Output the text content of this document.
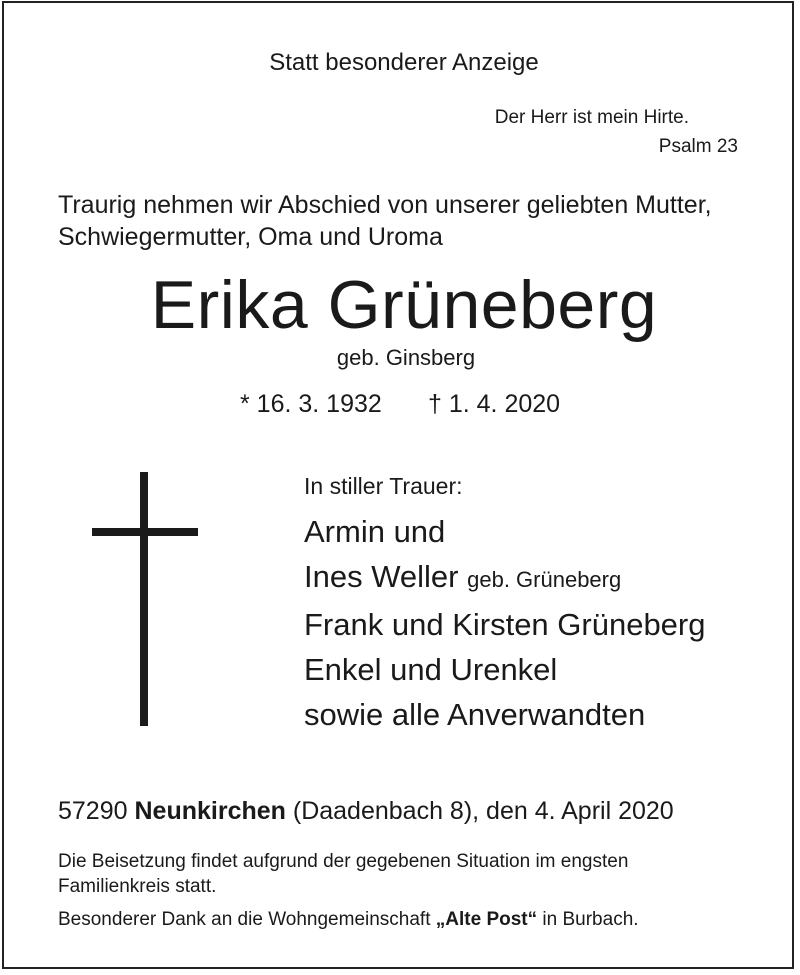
Statt besonderer Anzeige

Der Herr ist mein Hirte.

Psalm 23

Traurig nehmen wir Abschied von unserer geliebten Mutter,
Schwiegermutter, Oma und Uroma

Erika Grüneberg

geb. Ginsberg

* 16. 3. 1932 † 1. 4. 2020

In stiller Trauer:

Armin und
Ines Weller geb. Grüneberg
Frank und Kirsten Grüneberg
Enkel und Urenkel
sowie alle Anverwandten

57290 Neunkirchen (Daadenbach 8), den 4. April 2020

Die Beisetzung findet aufgrund der gegebenen Situation im engsten
Familienkreis statt.

Besonderer Dank an die Wohngemeinschaft „Alte Post“ in Burbach.
